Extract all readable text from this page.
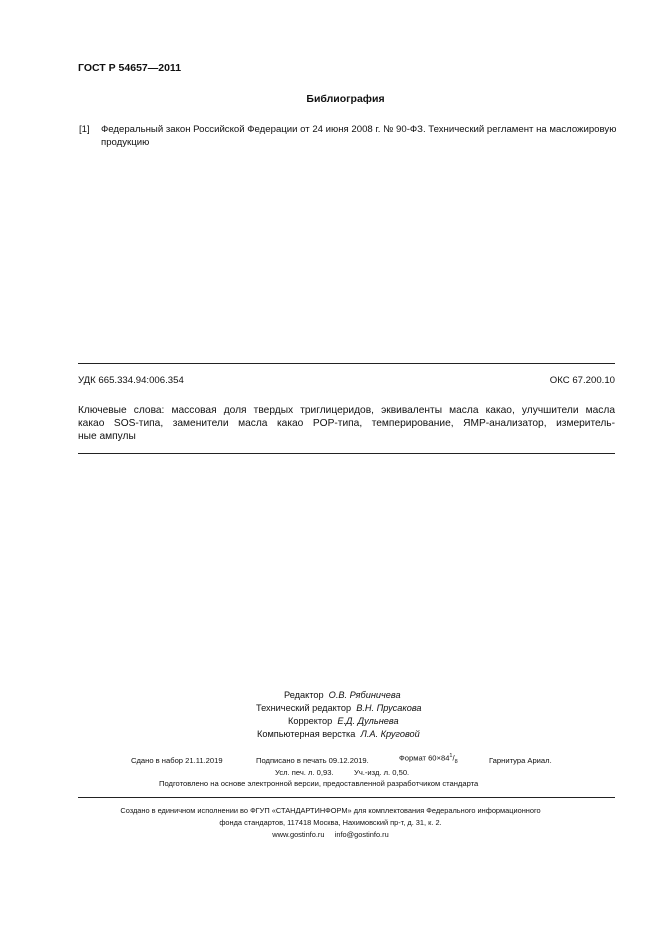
ГОСТ Р 54657—2011
Библиография
[1] Федеральный закон Российской Федерации от 24 июня 2008 г. № 90-ФЗ. Технический регламент на масложировую продукцию
УДК 665.334.94:006.354	ОКС 67.200.10
Ключевые слова: массовая доля твердых триглицеридов, эквиваленты масла какао, улучшители масла
какао SOS-типа, заменители масла какао POP-типа, темперирование, ЯМР-анализатор, измеритель-
ные ампулы
Редактор О.В. Рябиничева
Технический редактор В.Н. Прусакова
Корректор Е.Д. Дульнева
Компьютерная верстка Л.А. Круговой
Сдано в набор 21.11.2019	Подписано в печать 09.12.2019.	Формат $60\times 84^1/_8$	Гарнитура Ариал.
Усл. печ. л. 0,93.	Уч.-изд. л. 0,50.
Подготовлено на основе электронной версии, предоставленной разработчиком стандарта
Создано в единичном исполнении во ФГУП «СТАНДАРТИНФОРМ» для комплектования Федерального информационного
фонда стандартов, 117418 Москва, Нахимовский пр-т, д. 31, к. 2.
www.gostinfo.ru info@gostinfo.ru
